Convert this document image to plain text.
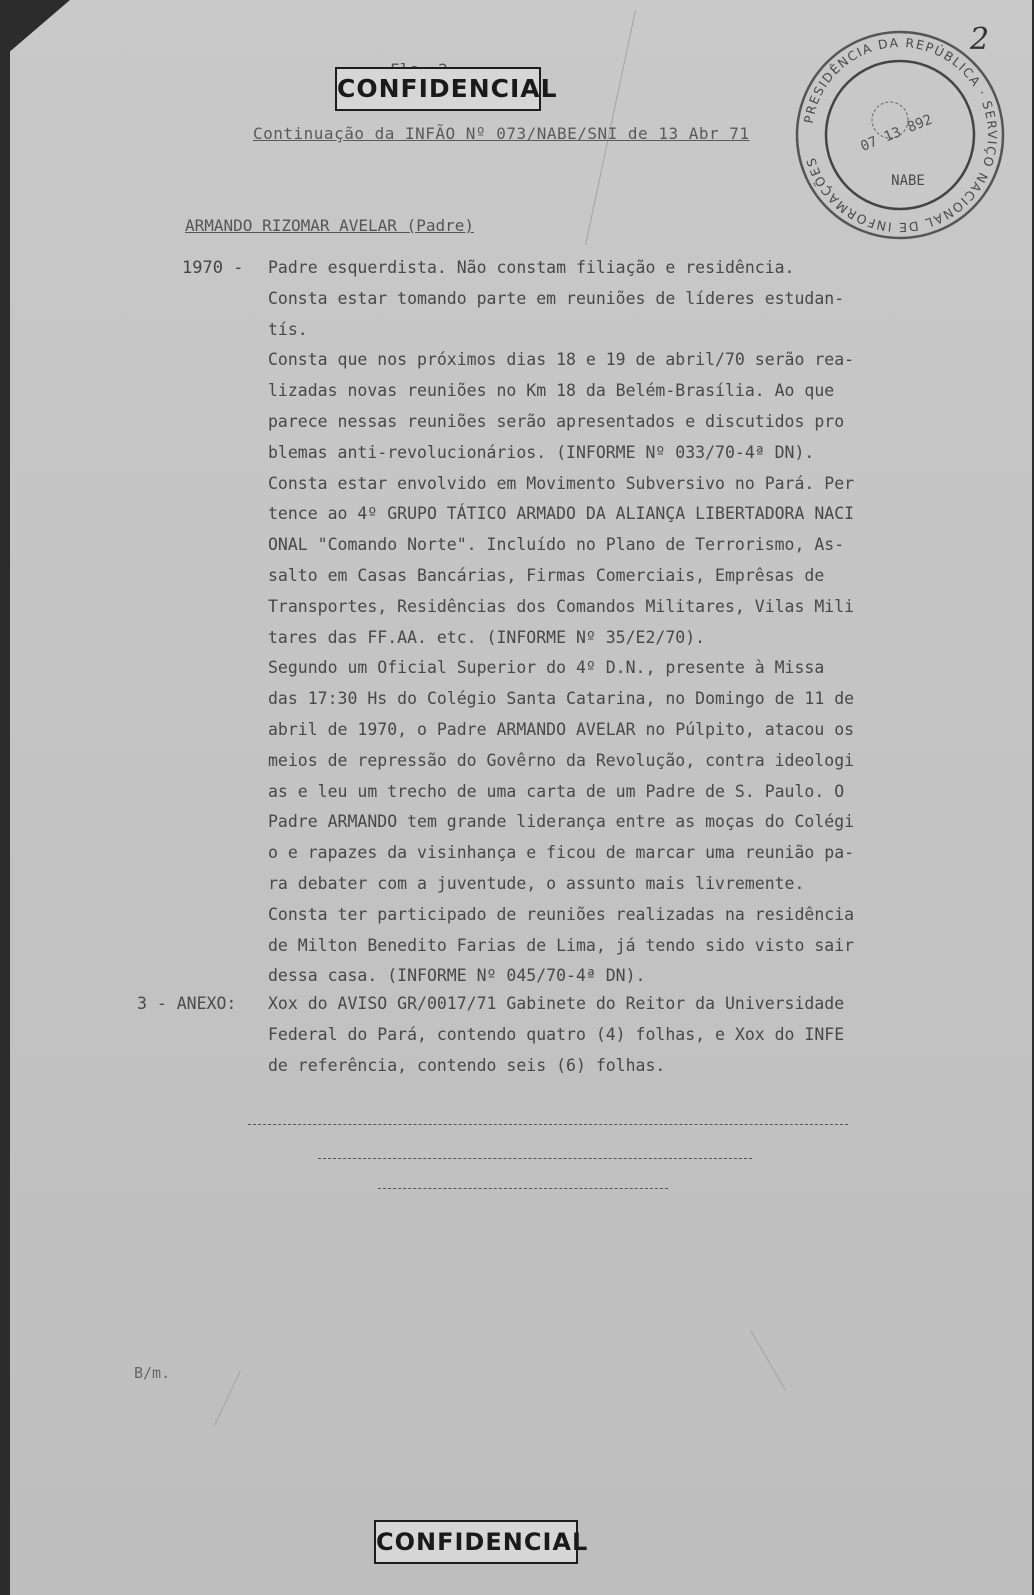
CONFIDENCIAL
Continuação da INFÃO Nº 073/NABE/SNI de 13 Abr 71
2
PRESIDÊNCIA DA REPÚBLICA · SERVIÇO NACIONAL DE INFORMAÇÕES
07 13 892
NABE
ARMANDO RIZOMAR AVELAR (Padre)
1970 - Padre esquerdista. Não constam filiação e residência.
Consta estar tomando parte em reuniões de líderes estudan-
tís.
Consta que nos próximos dias 18 e 19 de abril/70 serão rea-
lizadas novas reuniões no Km 18 da Belém-Brasília. Ao que
parece nessas reuniões serão apresentados e discutidos pro
blemas anti-revolucionários. (INFORME Nº 033/70-4ª DN).
Consta estar envolvido em Movimento Subversivo no Pará. Per
tence ao 4º GRUPO TÁTICO ARMADO DA ALIANÇA LIBERTADORA NACI
ONAL "Comando Norte". Incluído no Plano de Terrorismo, As-
salto em Casas Bancárias, Firmas Comerciais, Emprêsas de
Transportes, Residências dos Comandos Militares, Vilas Mili
tares das FF.AA. etc. (INFORME Nº 35/E2/70).
Segundo um Oficial Superior do 4º D.N., presente à Missa
das 17:30 Hs do Colégio Santa Catarina, no Domingo de 11 de
abril de 1970, o Padre ARMANDO AVELAR no Púlpito, atacou os
meios de repressão do Govêrno da Revolução, contra ideologi
as e leu um trecho de uma carta de um Padre de S. Paulo. O
Padre ARMANDO tem grande liderança entre as moças do Colégi
o e rapazes da visinhança e ficou de marcar uma reunião pa-
ra debater com a juventude, o assunto mais livremente.
Consta ter participado de reuniões realizadas na residência
de Milton Benedito Farias de Lima, já tendo sido visto sair
dessa casa. (INFORME Nº 045/70-4ª DN).
3 - ANEXO: Xox do AVISO GR/0017/71 Gabinete do Reitor da Universidade
Federal do Pará, contendo quatro (4) folhas, e Xox do INFE
de referência, contendo seis (6) folhas.
B/m.
CONFIDENCIAL
